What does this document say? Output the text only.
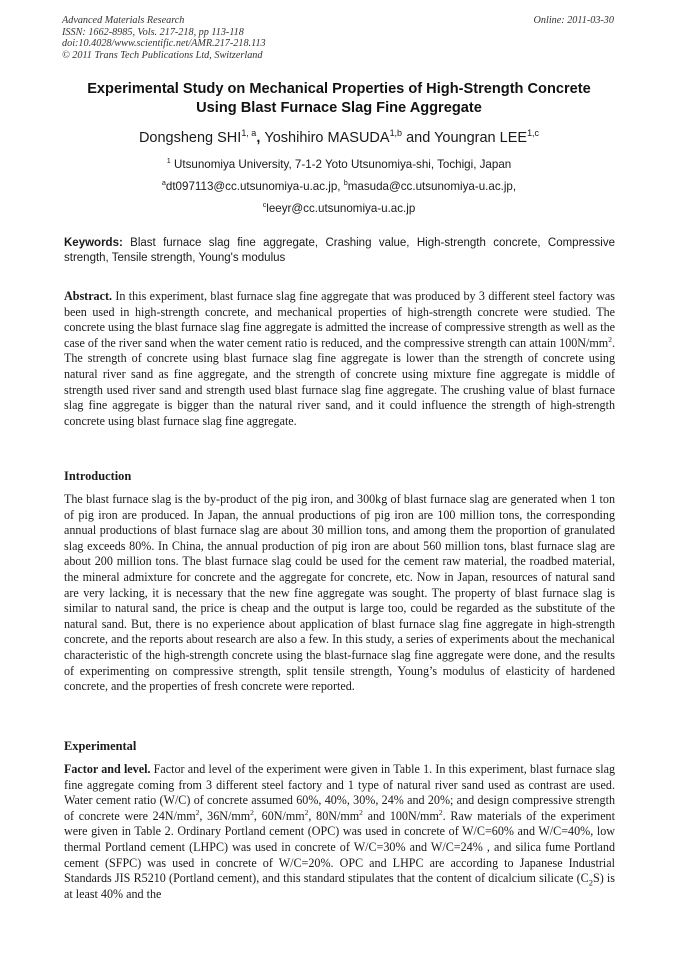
Advanced Materials Research
ISSN: 1662-8985, Vols. 217-218, pp 113-118
doi:10.4028/www.scientific.net/AMR.217-218.113
© 2011 Trans Tech Publications Ltd, Switzerland
Online: 2011-03-30
Experimental Study on Mechanical Properties of High-Strength Concrete
Using Blast Furnace Slag Fine Aggregate
Dongsheng SHI$^{1, a}$, Yoshihiro MASUDA$^{1,b}$ and Youngran LEE$^{1,c}$
$^1$ Utsunomiya University, 7-1-2 Yoto Utsunomiya-shi, Tochigi, Japan
$^a$dt097113@cc.utsunomiya-u.ac.jp, $^b$masuda@cc.utsunomiya-u.ac.jp,
$^c$leeyr@cc.utsunomiya-u.ac.jp
Keywords: Blast furnace slag fine aggregate, Crashing value, High-strength concrete, Compressive strength, Tensile strength, Young's modulus
Abstract. In this experiment, blast furnace slag fine aggregate that was produced by 3 different steel factory was been used in high-strength concrete, and mechanical properties of high-strength concrete were studied. The concrete using the blast furnace slag fine aggregate is admitted the increase of compressive strength as well as the case of the river sand when the water cement ratio is reduced, and the compressive strength can attain $100N/mm^2$. The strength of concrete using blast furnace slag fine aggregate is lower than the strength of concrete using natural river sand as fine aggregate, and the strength of concrete using mixture fine aggregate is middle of strength used river sand and strength used blast furnace slag fine aggregate. The crushing value of blast furnace slag fine aggregate is bigger than the natural river sand, and it could influence the strength of high-strength concrete using blast furnace slag fine aggregate.
Introduction
The blast furnace slag is the by-product of the pig iron, and 300kg of blast furnace slag are generated when 1 ton of pig iron are produced. In Japan, the annual productions of pig iron are 100 million tons, the corresponding annual productions of blast furnace slag are about 30 million tons, and among them the proportion of granulated slag exceeds 80%. In China, the annual production of pig iron are about 560 million tons, blast furnace slag are about 200 million tons. The blast furnace slag could be used for the cement raw material, the roadbed material, the mineral admixture for concrete and the aggregate for concrete, etc. Now in Japan, resources of natural sand are very lacking, it is necessary that the new fine aggregate was sought. The property of blast furnace slag is similar to natural sand, the price is cheap and the output is large too, could be regarded as the substitute of the natural sand. But, there is no experience about application of blast furnace slag fine aggregate in high-strength concrete, and the reports about research are also a few. In this study, a series of experiments about the mechanical characteristic of the high-strength concrete using the blast-furnace slag fine aggregate were done, and the results of experimenting on compressive strength, split tensile strength, Young’s modulus of elasticity of hardened concrete, and the properties of fresh concrete were reported.
Experimental
Factor and level. Factor and level of the experiment were given in Table 1. In this experiment, blast furnace slag fine aggregate coming from 3 different steel factory and 1 type of natural river sand used as contrast are used. Water cement ratio (W/C) of concrete assumed 60%, 40%, 30%, 24% and 20%; and design compressive strength of concrete were $24N/mm^2$, $36N/mm^2$, $60N/mm^2$, $80N/mm^2$ and $100N/mm^2$. Raw materials of the experiment were given in Table 2. Ordinary Portland cement (OPC) was used in concrete of W/C=60% and W/C=40%, low thermal Portland cement (LHPC) was used in concrete of W/C=30% and W/C=24% , and silica fume Portland cement (SFPC) was used in concrete of W/C=20%. OPC and LHPC are according to Japanese Industrial Standards JIS R5210 (Portland cement), and this standard stipulates that the content of dicalcium silicate $(C_2S)$ is at least 40% and the
